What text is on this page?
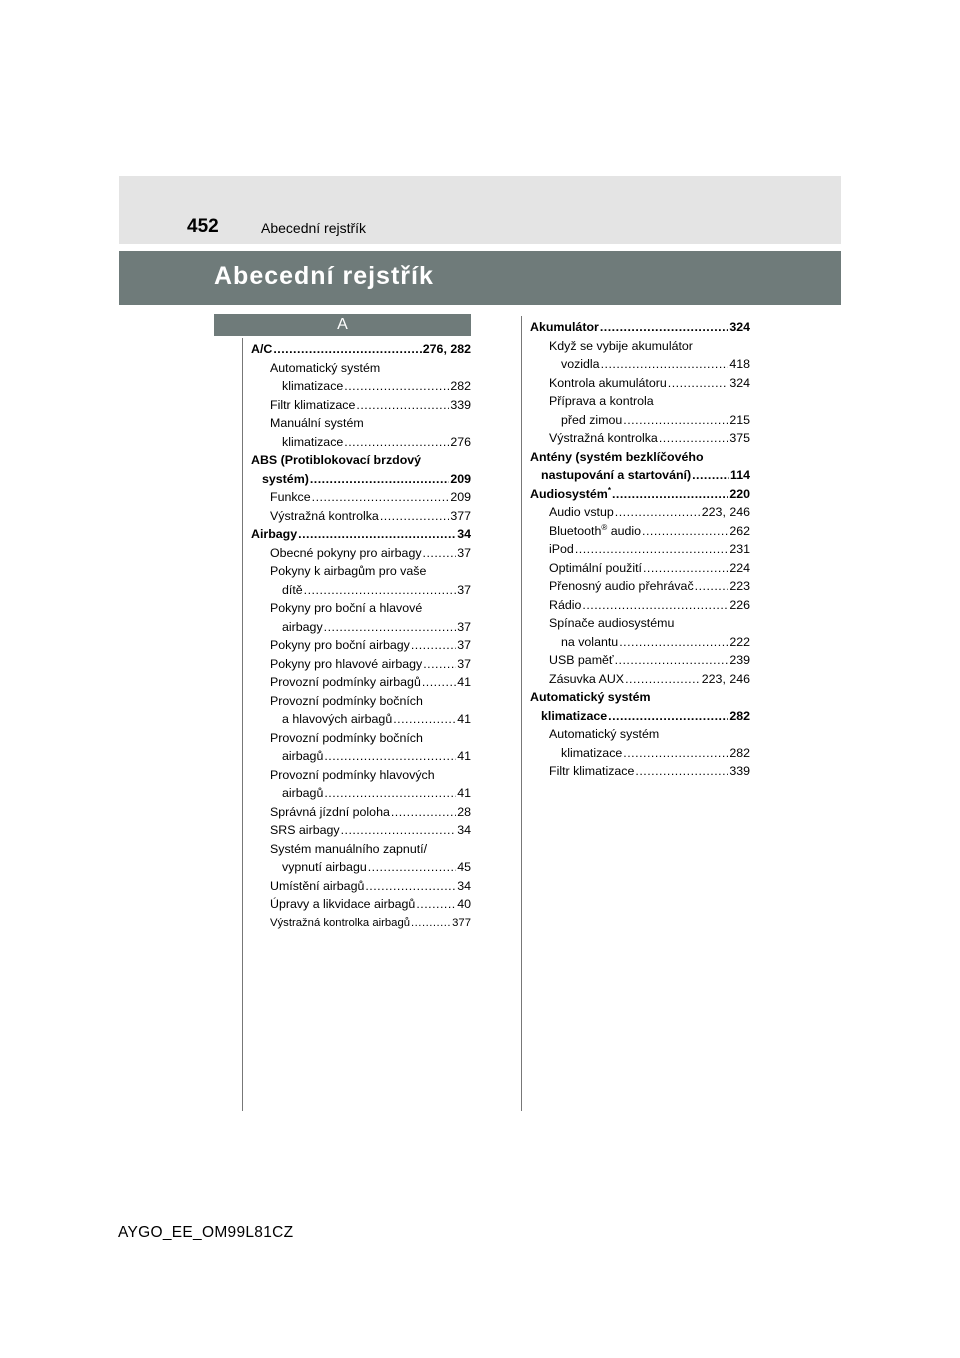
452	Abecední rejstřík
Abecední rejstřík
A
A/C .....	276, 282
Automatický systém
klimatizace .....	282
Filtr klimatizace .....	339
Manuální systém
klimatizace .....	276
ABS (Protiblokovací brzdový
systém) .....	209
Funkce .....	209
Výstražná kontrolka .....	377
Airbagy .....	34
Obecné pokyny pro airbagy .....	37
Pokyny k airbagům pro vaše
dítě .....	37
Pokyny pro boční a hlavové
airbagy .....	37
Pokyny pro boční airbagy .....	37
Pokyny pro hlavové airbagy .....	37
Provozní podmínky airbagů .....	41
Provozní podmínky bočních
a hlavových airbagů .....	41
Provozní podmínky bočních
airbagů .....	41
Provozní podmínky hlavových
airbagů .....	41
Správná jízdní poloha .....	28
SRS airbagy .....	34
Systém manuálního zapnutí/
vypnutí airbagu .....	45
Umístění airbagů .....	34
Úpravy a likvidace airbagů .....	40
Výstražná kontrolka airbagů .....	377
Akumulátor .....	324
Když se vybije akumulátor
vozidla .....	418
Kontrola akumulátoru .....	324
Příprava a kontrola
před zimou .....	215
Výstražná kontrolka .....	375
Antény (systém bezklíčového
nastupování a startování) .....	114
Audiosystém* .....	220
Audio vstup .....	223, 246
Bluetooth® audio .....	262
iPod .....	231
Optimální použití .....	224
Přenosný audio přehrávač .....	223
Rádio .....	226
Spínače audiosystému
na volantu .....	222
USB paměť .....	239
Zásuvka AUX .....	223, 246
Automatický systém
klimatizace .....	282
Automatický systém
klimatizace .....	282
Filtr klimatizace .....	339
AYGO_EE_OM99L81CZ
